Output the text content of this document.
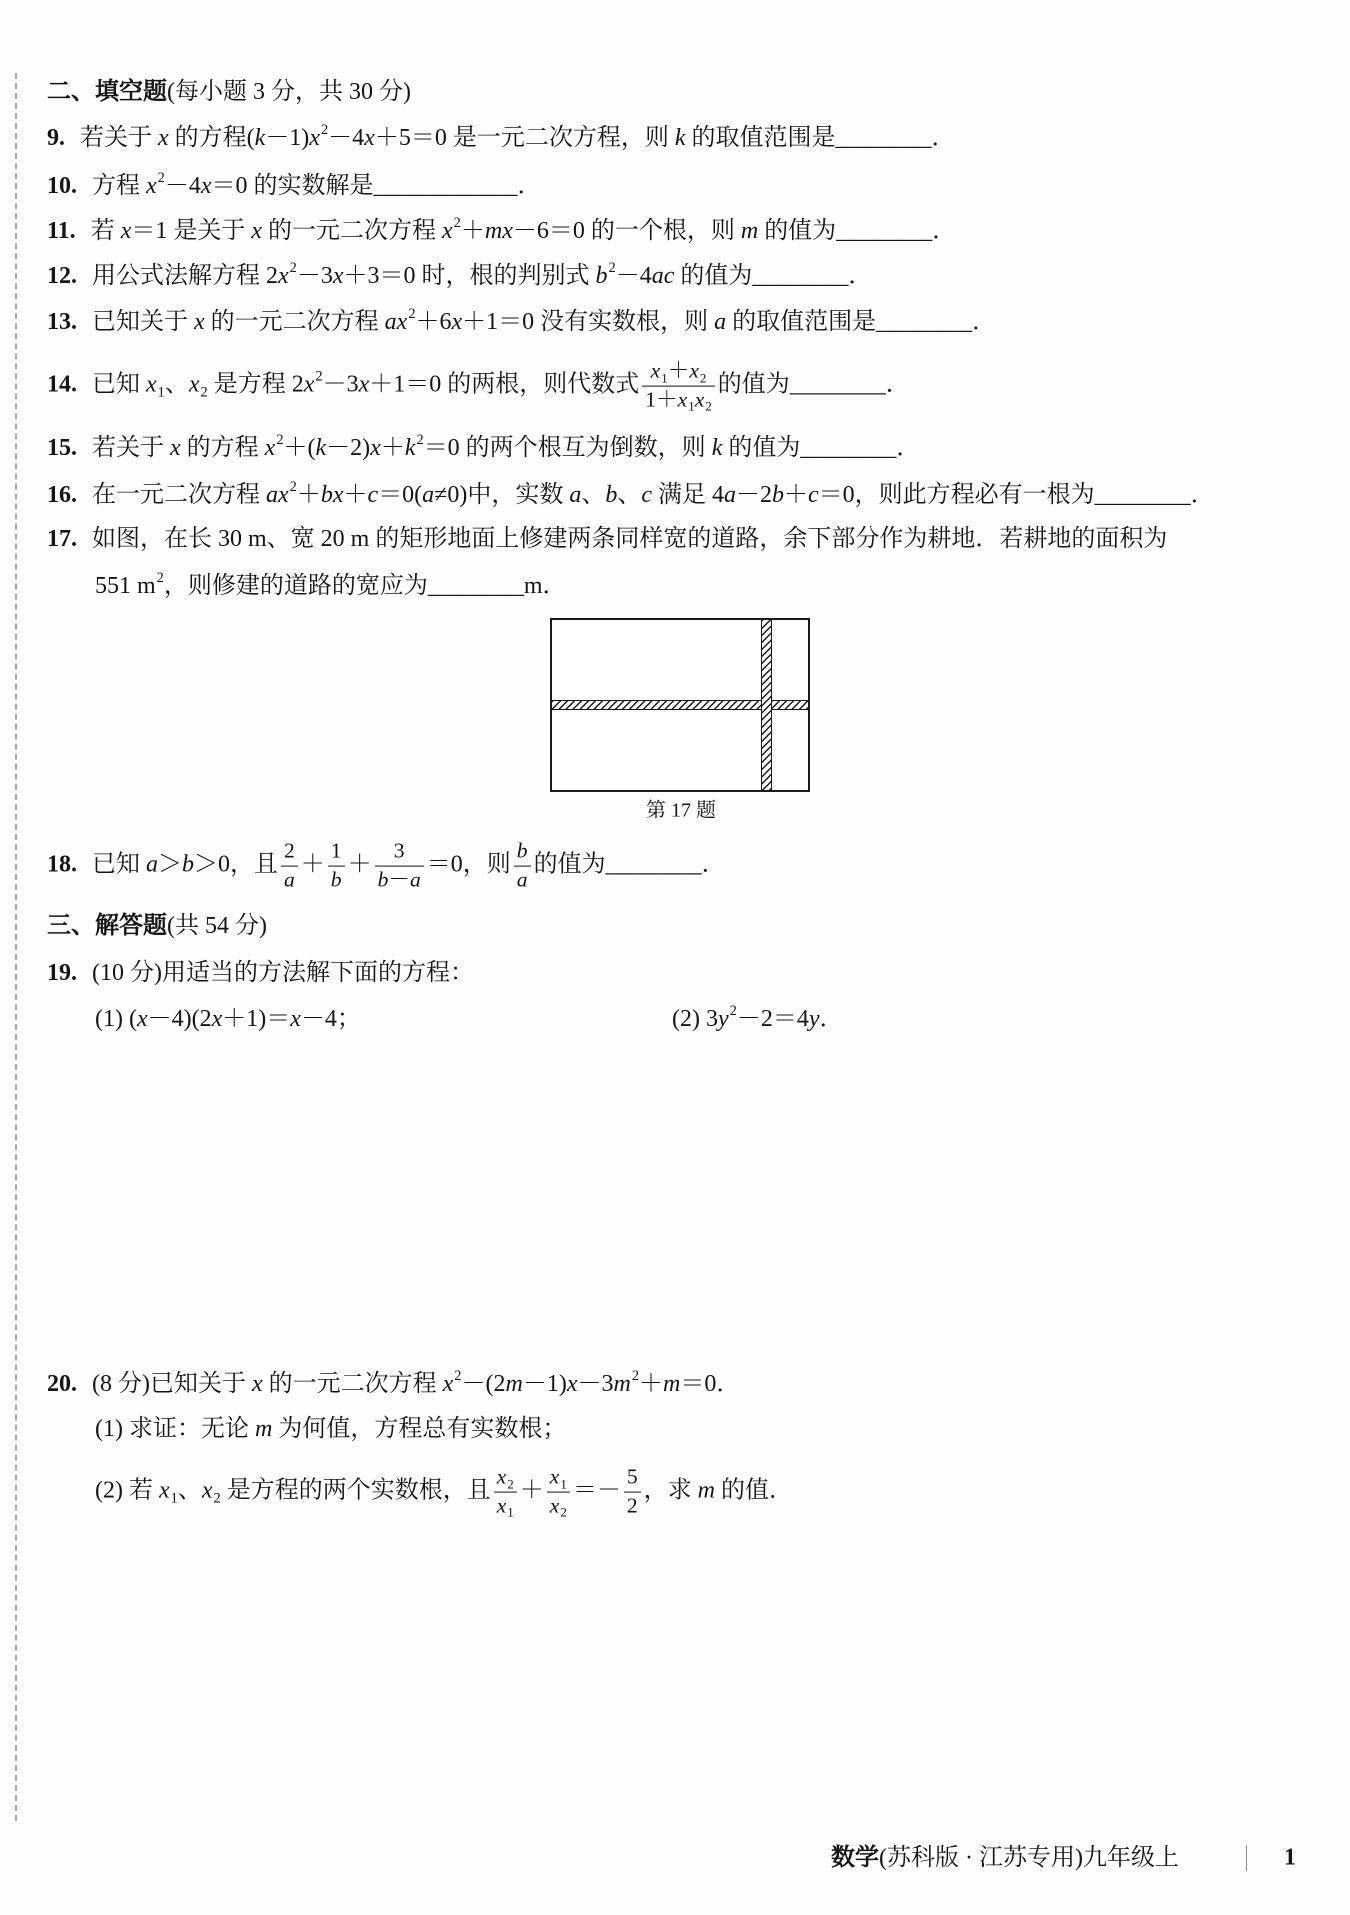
二、填空题(每小题 3 分，共 30 分)
9. 若关于 x 的方程$(k-1)x^2-4x+5=0$ 是一元二次方程，则 k 的取值范围是________．
10. 方程 $x^2-4x=0$ 的实数解是____________．
11. 若 x＝1 是关于 x 的一元二次方程 $x^2+mx-6=0$ 的一个根，则 m 的值为________．
12. 用公式法解方程 $2x^2-3x+3=0$ 时，根的判别式 $b^2-4ac$ 的值为________．
13. 已知关于 x 的一元二次方程 $ax^2+6x+1=0$ 没有实数根，则 a 的取值范围是________．
14. 已知 $x_1$、$x_2$ 是方程 $2x^2-3x+1=0$ 的两根，则代数式 $\frac{x_1+x_2}{1+x_1x_2}$ 的值为________．
15. 若关于 x 的方程 $x^2+(k-2)x+k^2=0$ 的两个根互为倒数，则 k 的值为________．
16. 在一元二次方程 $ax^2+bx+c=0(a\ne 0)$中，实数 a、b、c 满足 4a－2b＋c＝0，则此方程必有一根为________．
17. 如图，在长 30 m、宽 20 m 的矩形地面上修建两条同样宽的道路，余下部分作为耕地．若耕地的面积为
551 $m^2$，则修建的道路的宽应为________m．
第 17 题
18. 已知 a＞b＞0，且 $\frac{2}{a} + \frac{1}{b} + \frac{3}{b-a} =0$，则 $\frac{b}{a}$ 的值为________．
三、解答题(共 54 分)
19. (10 分)用适当的方法解下面的方程：
(1) (x－4)(2x＋1)＝x－4；	(2) $3y^2-2=4y$．
20. (8 分)已知关于 x 的一元二次方程 $x^2-(2m-1)x-3m^2+m=0$．
(1) 求证：无论 m 为何值，方程总有实数根；
(2) 若 $x_1$、$x_2$ 是方程的两个实数根，且 $\frac{x_2}{x_1} + \frac{x_1}{x_2} =- \frac{5}{2}$ ，求 m 的值．
数学(苏科版 · 江苏专用)九年级上	1
